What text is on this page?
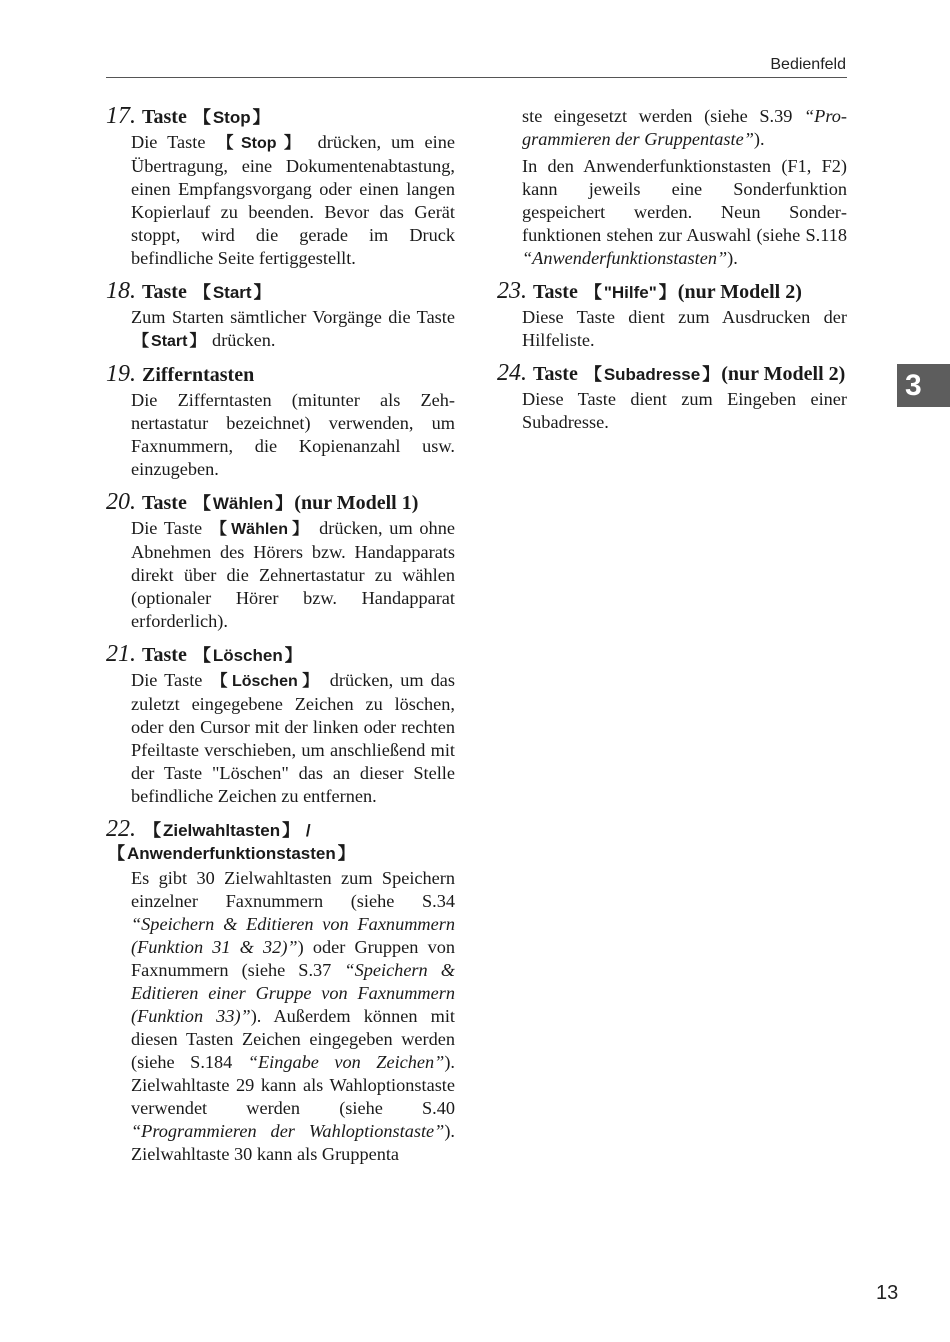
Bedienfeld
3
17. Taste 【 Stop 】
Die Taste 【 Stop 】 drücken, um eine Übertragung, eine Dokumentenabtastung, einen Empfangsvorgang oder einen langen Kopierlauf zu beenden. Bevor das Gerät stoppt, wird die gerade im Druck befindliche Seite fertiggestellt.
18. Taste 【 Start 】
Zum Starten sämtlicher Vorgänge die Taste 【 Start 】 drücken.
19. Zifferntasten
Die Zifferntasten (mitunter als Zehnertastatur bezeichnet) verwenden, um Faxnummern, die Kopienanzahl usw. einzugeben.
20. Taste 【 Wählen 】 (nur Modell 1)
Die Taste 【 Wählen 】 drücken, um ohne Abnehmen des Hörers bzw. Handapparats direkt über die Zehnertastatur zu wählen (optionaler Hörer bzw. Handapparat erforderlich).
21. Taste 【 Löschen 】
Die Taste 【 Löschen 】 drücken, um das zuletzt eingegebene Zeichen zu löschen, oder den Cursor mit der linken oder rechten Pfeiltaste verschieben, um anschließend mit der Taste "Löschen" das an dieser Stelle befindliche Zeichen zu entfernen.
22. 【 Zielwahltasten 】 / 【 Anwenderfunktionstasten 】
Es gibt 30 Zielwahltasten zum Speichern einzelner Faxnummern (siehe S.34 “Speichern & Editieren von Faxnummern (Funktion 31 & 32)”) oder Gruppen von Faxnummern (siehe S.37 “Speichern & Editieren einer Gruppe von Faxnummern (Funktion 33)”). Außerdem können mit diesen Tasten Zeichen eingegeben werden (siehe S.184 “Eingabe von Zeichen”). Zielwahltaste 29 kann als Wahloptionstaste verwendet werden (siehe S.40 “Programmieren der Wahloptionstaste”). Zielwahltaste 30 kann als Gruppenta

ste eingesetzt werden (siehe S.39 “Programmieren der Gruppentaste”).

In den Anwenderfunktionstasten (F1, F2) kann jeweils eine Sonderfunktion gespeichert werden. Neun Sonderfunktionen stehen zur Auswahl (siehe S.118 “Anwenderfunktionstasten”).

23. Taste 【 "Hilfe" 】 (nur Modell 2)
Diese Taste dient zum Ausdrucken der Hilfeliste.
24. Taste 【 Subadresse 】 (nur Modell 2)
Diese Taste dient zum Eingeben einer Subadresse.
13
